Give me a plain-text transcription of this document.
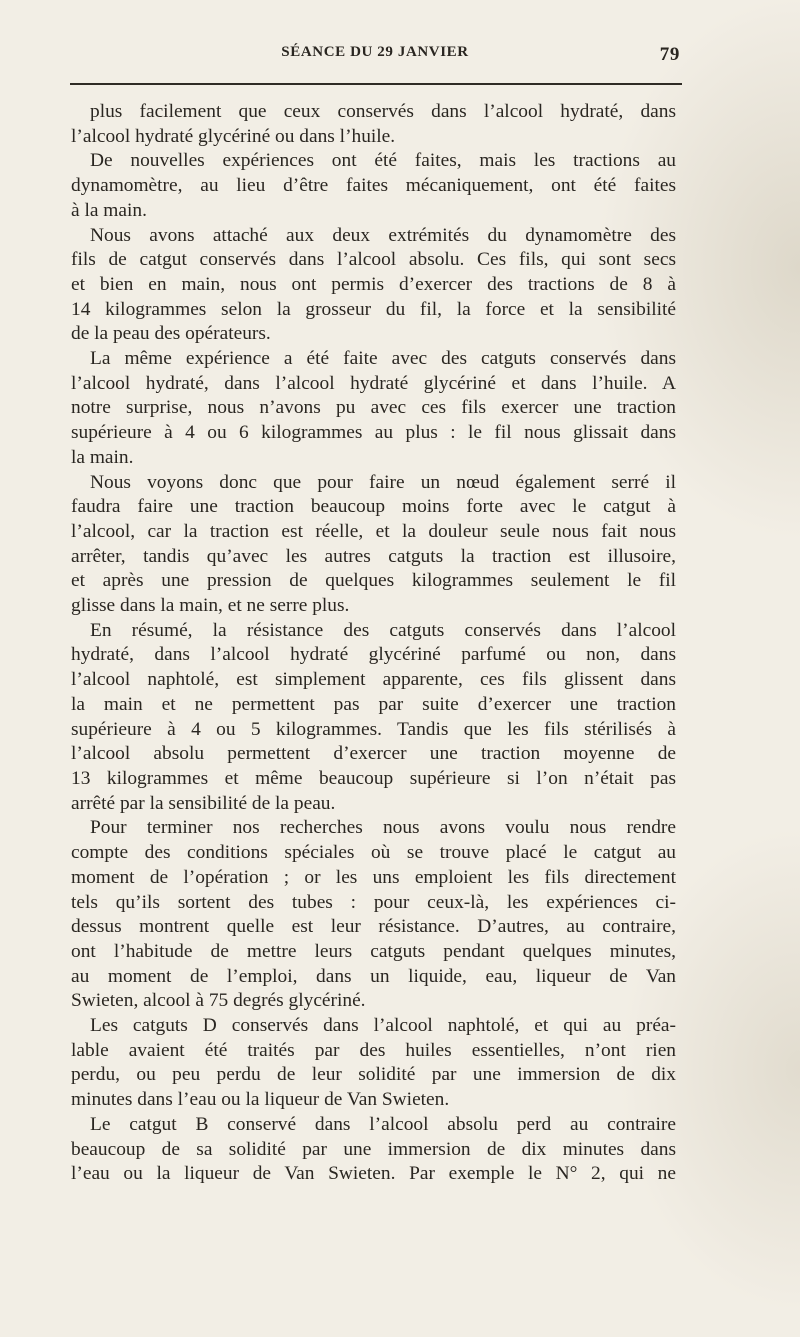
SÉANCE DU 29 JANVIER	79
plus facilement que ceux conservés dans l’alcool hydraté, dans
l’alcool hydraté glycériné ou dans l’huile.
De nouvelles expériences ont été faites, mais les tractions au
dynamomètre, au lieu d’être faites mécaniquement, ont été faites
à la main.
Nous avons attaché aux deux extrémités du dynamomètre des
fils de catgut conservés dans l’alcool absolu. Ces fils, qui sont secs
et bien en main, nous ont permis d’exercer des tractions de 8 à
14 kilogrammes selon la grosseur du fil, la force et la sensibilité
de la peau des opérateurs.
La même expérience a été faite avec des catguts conservés dans
l’alcool hydraté, dans l’alcool hydraté glycériné et dans l’huile. A
notre surprise, nous n’avons pu avec ces fils exercer une traction
supérieure à 4 ou 6 kilogrammes au plus : le fil nous glissait dans
la main.
Nous voyons donc que pour faire un nœud également serré il
faudra faire une traction beaucoup moins forte avec le catgut à
l’alcool, car la traction est réelle, et la douleur seule nous fait nous
arrêter, tandis qu’avec les autres catguts la traction est illusoire,
et après une pression de quelques kilogrammes seulement le fil
glisse dans la main, et ne serre plus.
En résumé, la résistance des catguts conservés dans l’alcool
hydraté, dans l’alcool hydraté glycériné parfumé ou non, dans
l’alcool naphtolé, est simplement apparente, ces fils glissent dans
la main et ne permettent pas par suite d’exercer une traction
supérieure à 4 ou 5 kilogrammes. Tandis que les fils stérilisés à
l’alcool absolu permettent d’exercer une traction moyenne de
13 kilogrammes et même beaucoup supérieure si l’on n’était pas
arrêté par la sensibilité de la peau.
Pour terminer nos recherches nous avons voulu nous rendre
compte des conditions spéciales où se trouve placé le catgut au
moment de l’opération ; or les uns emploient les fils directement
tels qu’ils sortent des tubes : pour ceux-là, les expériences ci-
dessus montrent quelle est leur résistance. D’autres, au contraire,
ont l’habitude de mettre leurs catguts pendant quelques minutes,
au moment de l’emploi, dans un liquide, eau, liqueur de Van
Swieten, alcool à 75 degrés glycériné.
Les catguts D conservés dans l’alcool naphtolé, et qui au préa-
lable avaient été traités par des huiles essentielles, n’ont rien
perdu, ou peu perdu de leur solidité par une immersion de dix
minutes dans l’eau ou la liqueur de Van Swieten.
Le catgut B conservé dans l’alcool absolu perd au contraire
beaucoup de sa solidité par une immersion de dix minutes dans
l’eau ou la liqueur de Van Swieten. Par exemple le N° 2, qui ne
